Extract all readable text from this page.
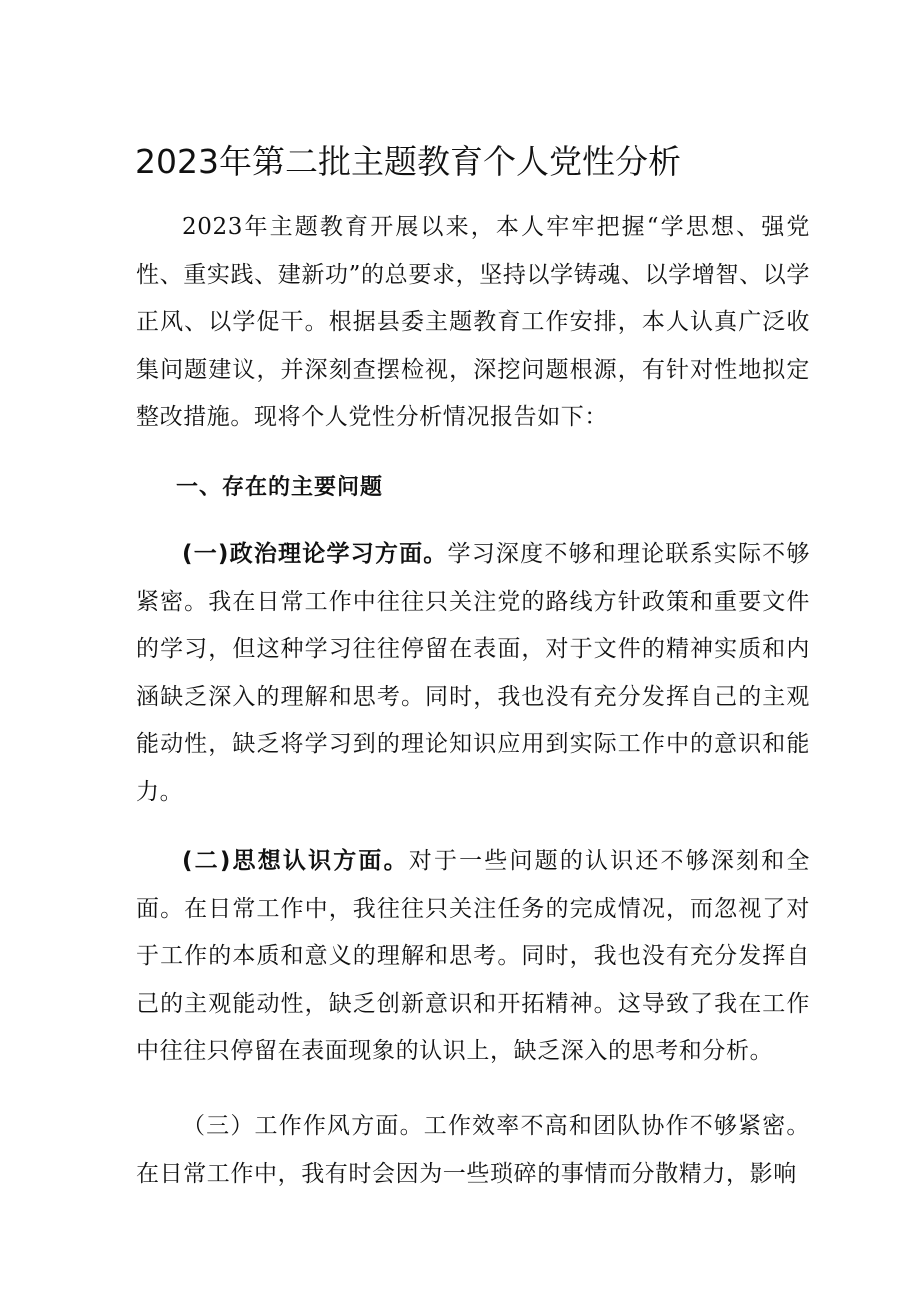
2023年第二批主题教育个人党性分析

2023年主题教育开展以来，本人牢牢把握“学思想、强党性、重实践、建新功”的总要求，坚持以学铸魂、以学增智、以学正风、以学促干。根据县委主题教育工作安排，本人认真广泛收集问题建议，并深刻查摆检视，深挖问题根源，有针对性地拟定整改措施。现将个人党性分析情况报告如下：

一、存在的主要问题

(一)政治理论学习方面。学习深度不够和理论联系实际不够紧密。我在日常工作中往往只关注党的路线方针政策和重要文件的学习，但这种学习往往停留在表面，对于文件的精神实质和内涵缺乏深入的理解和思考。同时，我也没有充分发挥自己的主观能动性，缺乏将学习到的理论知识应用到实际工作中的意识和能力。

(二)思想认识方面。对于一些问题的认识还不够深刻和全面。在日常工作中，我往往只关注任务的完成情况，而忽视了对于工作的本质和意义的理解和思考。同时，我也没有充分发挥自己的主观能动性，缺乏创新意识和开拓精神。这导致了我在工作中往往只停留在表面现象的认识上，缺乏深入的思考和分析。

（三）工作作风方面。工作效率不高和团队协作不够紧密。在日常工作中，我有时会因为一些琐碎的事情而分散精力，影响
